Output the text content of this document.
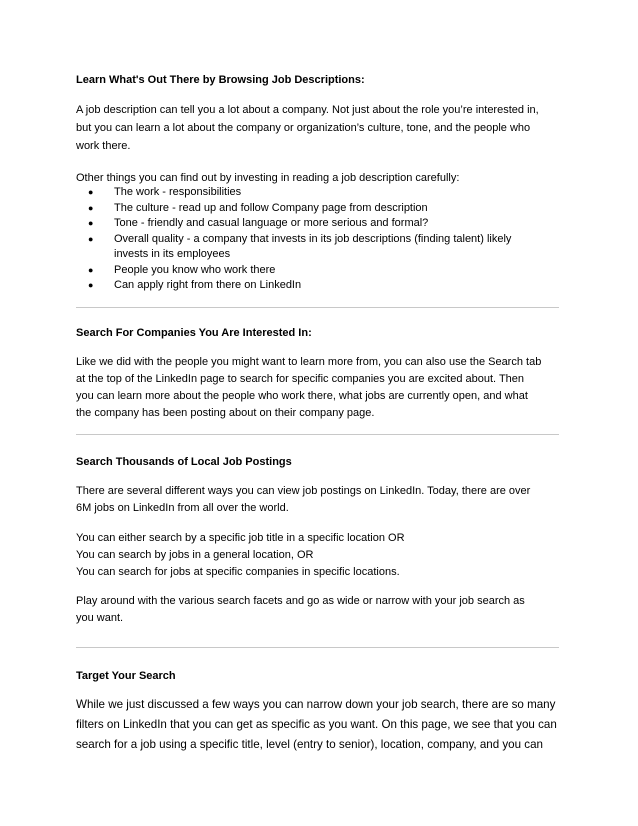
Learn What's Out There by Browsing Job Descriptions:
A job description can tell you a lot about a company. Not just about the role you’re interested in,
but you can learn a lot about the company or organization’s culture, tone, and the people who
work there.
Other things you can find out by investing in reading a job description carefully:
● The work - responsibilities
● The culture - read up and follow Company page from description
● Tone - friendly and casual language or more serious and formal?
● Overall quality - a company that invests in its job descriptions (finding talent) likely invests in its employees
● People you know who work there
● Can apply right from there on LinkedIn
Search For Companies You Are Interested In:
Like we did with the people you might want to learn more from, you can also use the Search tab
at the top of the LinkedIn page to search for specific companies you are excited about. Then
you can learn more about the people who work there, what jobs are currently open, and what
the company has been posting about on their company page.
Search Thousands of Local Job Postings
There are several different ways you can view job postings on LinkedIn. Today, there are over
6M jobs on LinkedIn from all over the world.
You can either search by a specific job title in a specific location OR
You can search by jobs in a general location, OR
You can search for jobs at specific companies in specific locations.
Play around with the various search facets and go as wide or narrow with your job search as
you want.
Target Your Search
While we just discussed a few ways you can narrow down your job search, there are so many
filters on LinkedIn that you can get as specific as you want. On this page, we see that you can
search for a job using a specific title, level (entry to senior), location, company, and you can
